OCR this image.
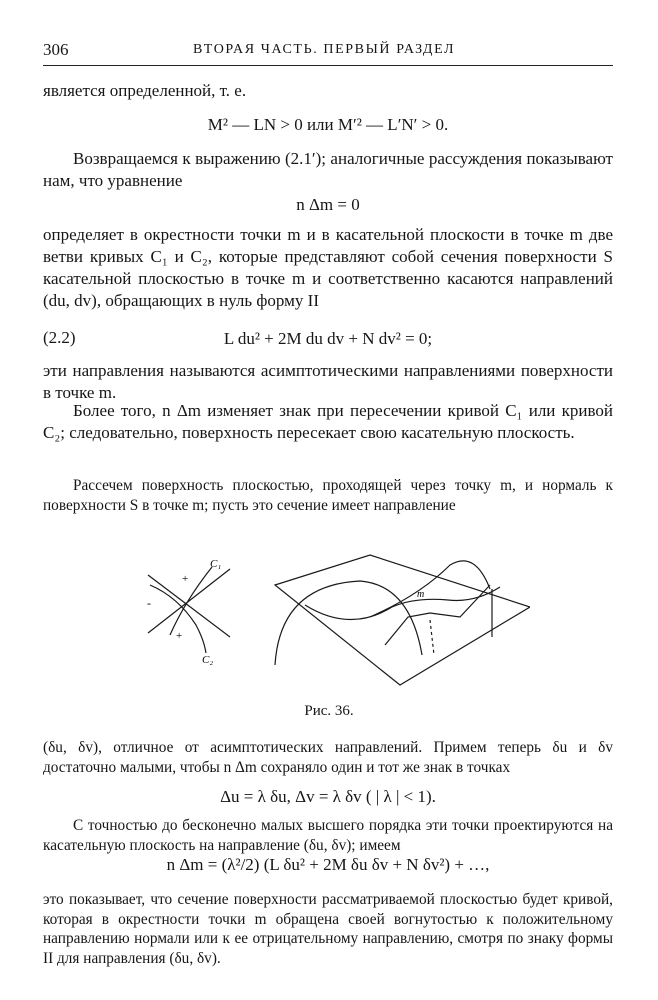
306	ВТОРАЯ ЧАСТЬ. ПЕРВЫЙ РАЗДЕЛ

является определенной, т. е.

M² — LN > 0 или M′² — L′N′ > 0.

Возвращаемся к выражению (2.1′); аналогичные рассуждения показывают нам, что уравнение

n Δm = 0

определяет в окрестности точки m и в касательной плоскости в точке m две ветви кривых C₁ и C₂, которые представляют собой сечения поверхности S касательной плоскостью в точке m и соответственно касаются направлений (du, dv), обращающих в нуль форму II

(2.2)	L du² + 2M du dv + N dv² = 0;

эти направления называются асимптотическими направлениями поверхности в точке m.

Более того, n Δm изменяет знак при пересечении кривой C₁ или кривой C₂; следовательно, поверхность пересекает свою касательную плоскость.

Рассечем поверхность плоскостью, проходящей через точку m, и нормаль к поверхности S в точке m; пусть это сечение имеет направление

C₁
C₂
+
+
-
m
Рис. 36.

(δu, δv), отличное от асимптотических направлений. Примем теперь δu и δv достаточно малыми, чтобы n Δm сохраняло один и тот же знак в точках

Δu = λ δu, Δv = λ δv ( | λ | < 1).

С точностью до бесконечно малых высшего порядка эти точки проектируются на касательную плоскость на направление (δu, δv); имеем

n Δm = (λ²/2) (L δu² + 2M δu δv + N δv²) + …,

это показывает, что сечение поверхности рассматриваемой плоскостью будет кривой, которая в окрестности точки m обращена своей вогнутостью к положительному направлению нормали или к ее отрицательному направлению, смотря по знаку формы II для направления (δu, δv).
